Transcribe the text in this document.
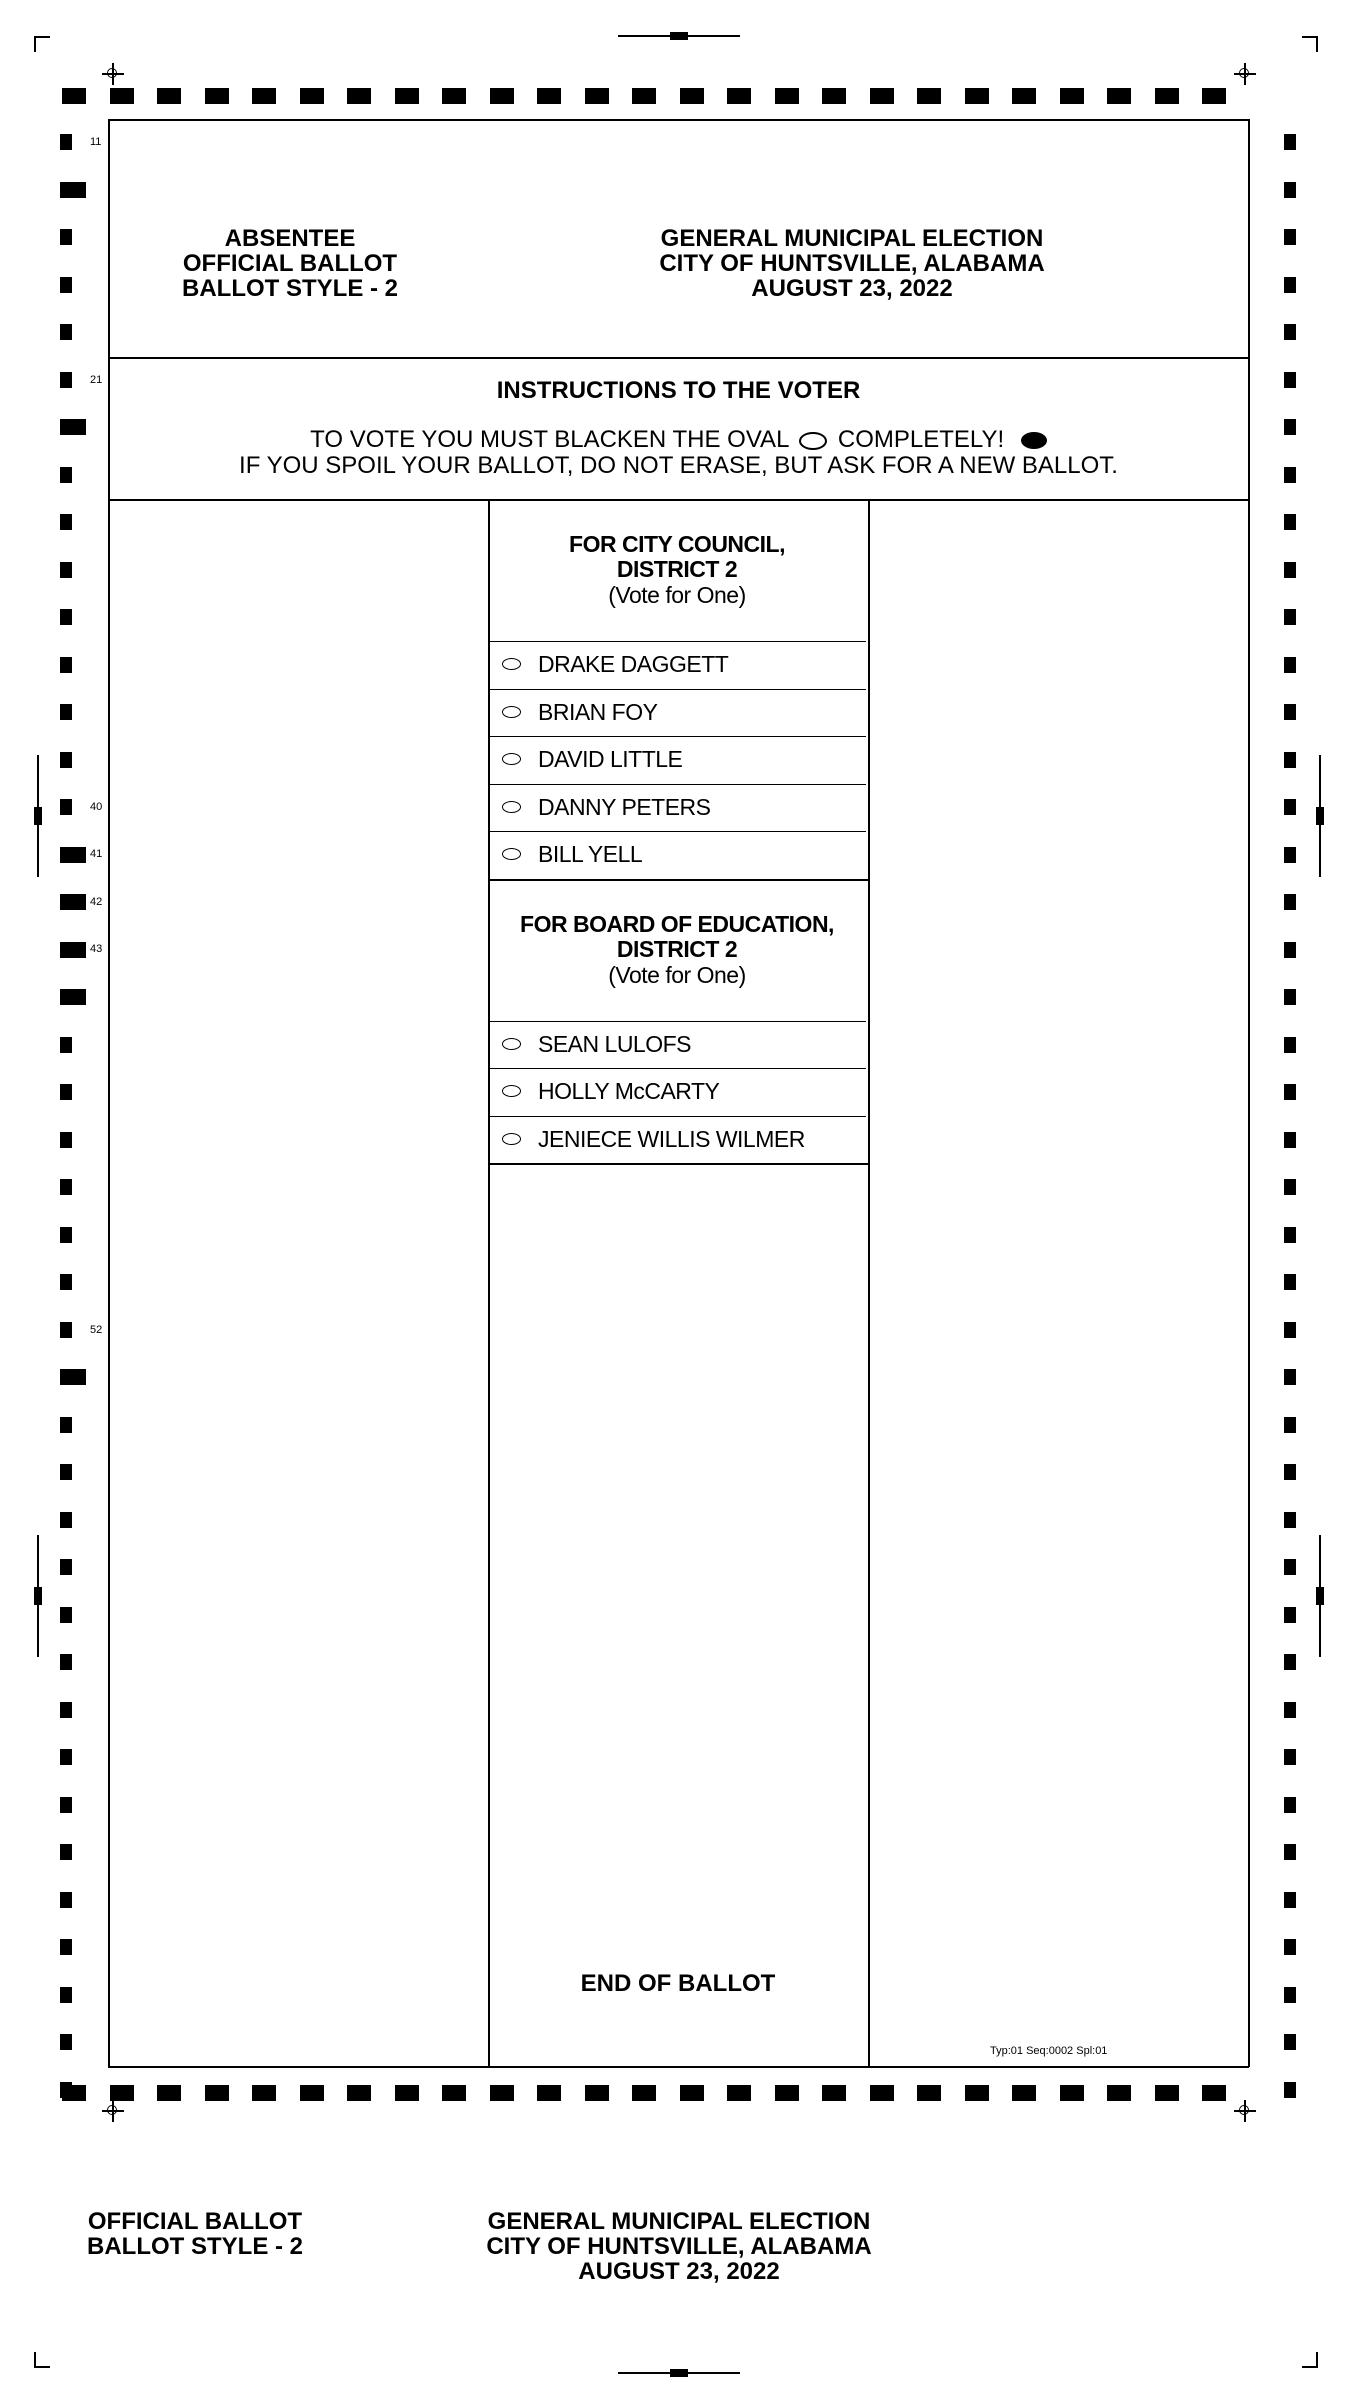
11
21
40
41
42
43
52
ABSENTEE
OFFICIAL BALLOT
BALLOT STYLE - 2
GENERAL MUNICIPAL ELECTION
CITY OF HUNTSVILLE, ALABAMA
AUGUST 23, 2022
INSTRUCTIONS TO THE VOTER
TO VOTE YOU MUST BLACKEN THE OVAL COMPLETELY!
IF YOU SPOIL YOUR BALLOT, DO NOT ERASE, BUT ASK FOR A NEW BALLOT.
FOR CITY COUNCIL,
DISTRICT 2
(Vote for One)
DRAKE DAGGETT
BRIAN FOY
DAVID LITTLE
DANNY PETERS
BILL YELL
FOR BOARD OF EDUCATION,
DISTRICT 2
(Vote for One)
SEAN LULOFS
HOLLY McCARTY
JENIECE WILLIS WILMER
END OF BALLOT
Typ:01 Seq:0002 Spl:01
OFFICIAL BALLOT
BALLOT STYLE - 2
GENERAL MUNICIPAL ELECTION
CITY OF HUNTSVILLE, ALABAMA
AUGUST 23, 2022
